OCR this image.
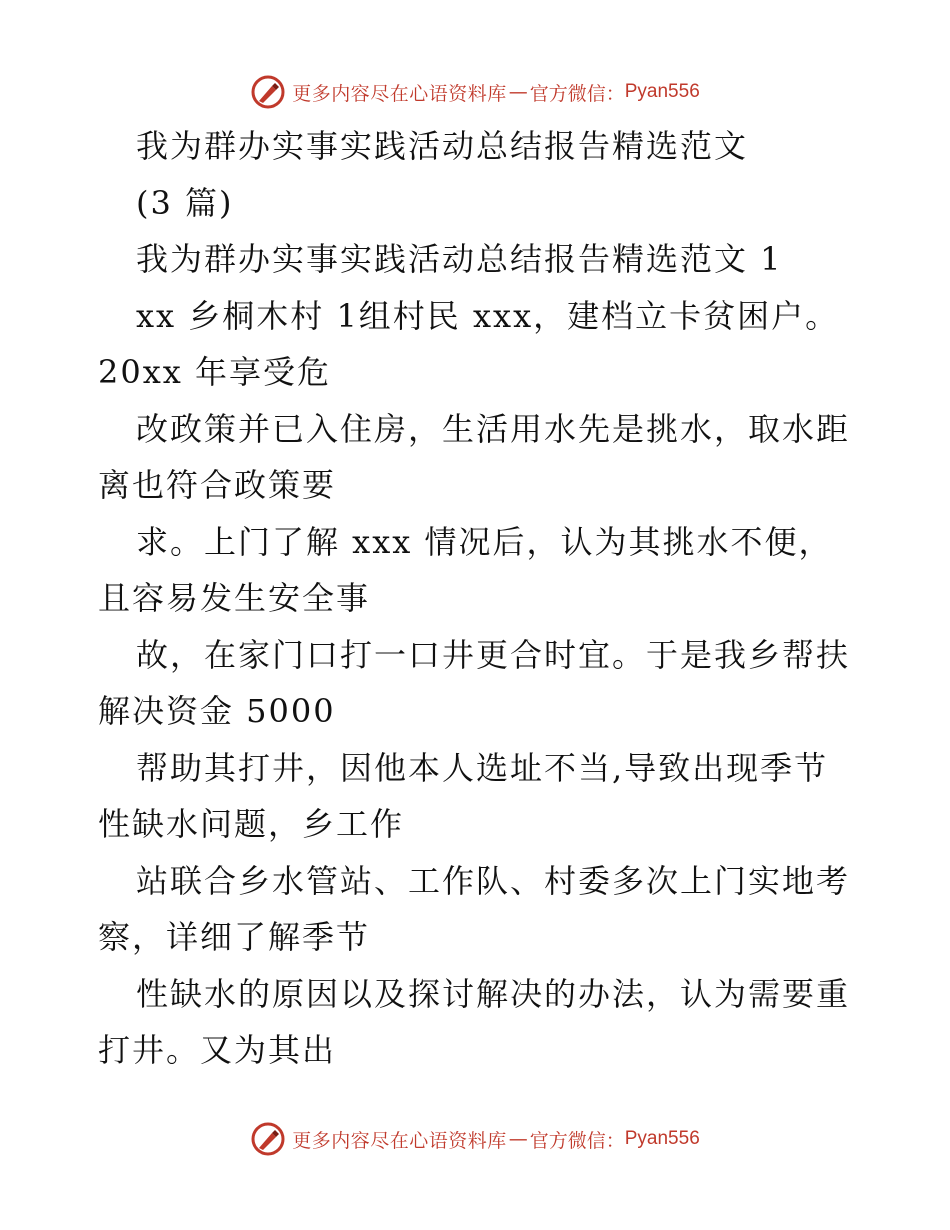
更多内容尽在心语资料库 — 官方微信： Pyan556
我为群办实事实践活动总结报告精选范文
(3 篇)
我为群办实事实践活动总结报告精选范文 1
xx 乡桐木村 1组村民 xxx，建档立卡贫困户。
20xx 年享受危
改政策并已入住房，生活用水先是挑水，取水距
离也符合政策要
求。上门了解 xxx 情况后，认为其挑水不便，
且容易发生安全事
故，在家门口打一口井更合时宜。于是我乡帮扶
解决资金 5000
帮助其打井，因他本人选址不当,导致出现季节
性缺水问题，乡工作
站联合乡水管站、工作队、村委多次上门实地考
察，详细了解季节
性缺水的原因以及探讨解决的办法，认为需要重
打井。又为其出
更多内容尽在心语资料库 — 官方微信： Pyan556
